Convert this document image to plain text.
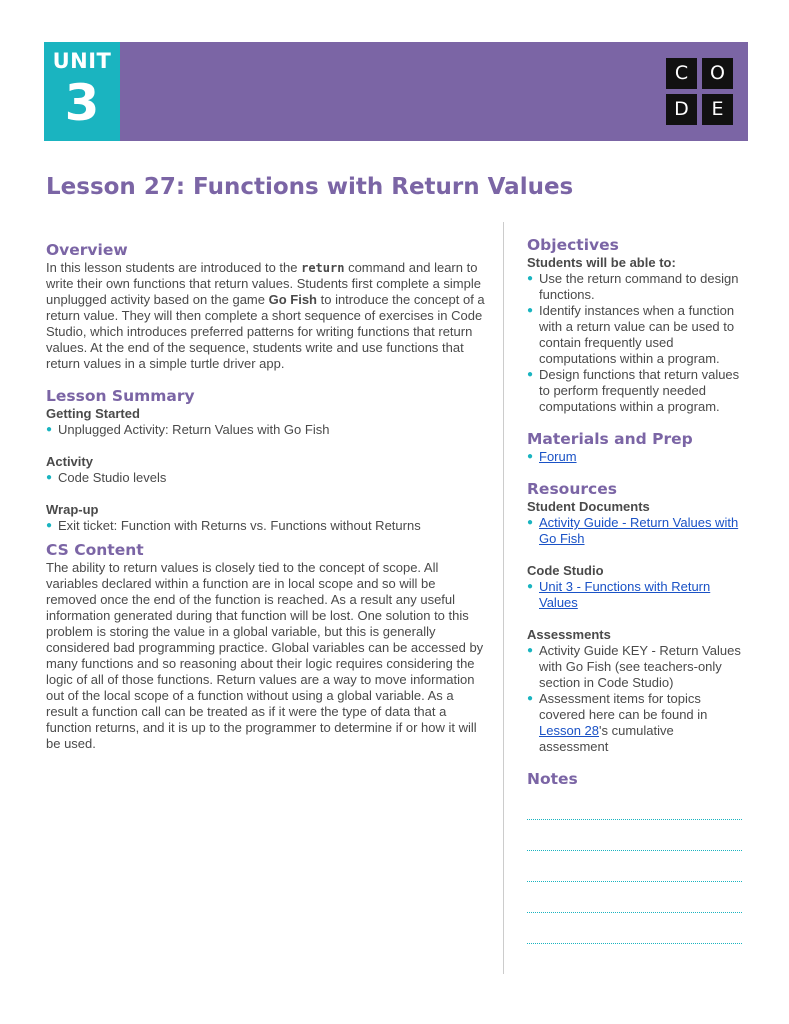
UNIT
3
C	O
D	E
Lesson 27: Functions with Return Values
Overview

In this lesson students are introduced to the return command and learn to write their own functions that return values. Students first complete a simple unplugged activity based on the game Go Fish to introduce the concept of a return value. They will then complete a short sequence of exercises in Code Studio, which introduces preferred patterns for writing functions that return values. At the end of the sequence, students write and use functions that return values in a simple turtle driver app.

Lesson Summary
Getting Started
● Unplugged Activity: Return Values with Go Fish
Activity
● Code Studio levels
Wrap-up
● Exit ticket: Function with Returns vs. Functions without Returns
CS Content

The ability to return values is closely tied to the concept of scope. All variables declared within a function are in local scope and so will be removed once the end of the function is reached. As a result any useful information generated during that function will be lost. One solution to this problem is storing the value in a global variable, but this is generally considered bad programming practice. Global variables can be accessed by many functions and so reasoning about their logic requires considering the logic of all of those functions. Return values are a way to move information out of the local scope of a function without using a global variable. As a result a function call can be treated as if it were the type of data that a function returns, and it is up to the programmer to determine if or how it will be used.

Objectives
Students will be able to:
● Use the return command to design functions.
● Identify instances when a function with a return value can be used to contain frequently used computations within a program.
● Design functions that return values to perform frequently needed computations within a program.
Materials and Prep
● Forum
Resources
Student Documents
● Activity Guide - Return Values with Go Fish
Code Studio
● Unit 3 - Functions with Return Values
Assessments
● Activity Guide KEY - Return Values with Go Fish (see teachers-only section in Code Studio)
● Assessment items for topics covered here can be found in Lesson 28's cumulative assessment
Notes
